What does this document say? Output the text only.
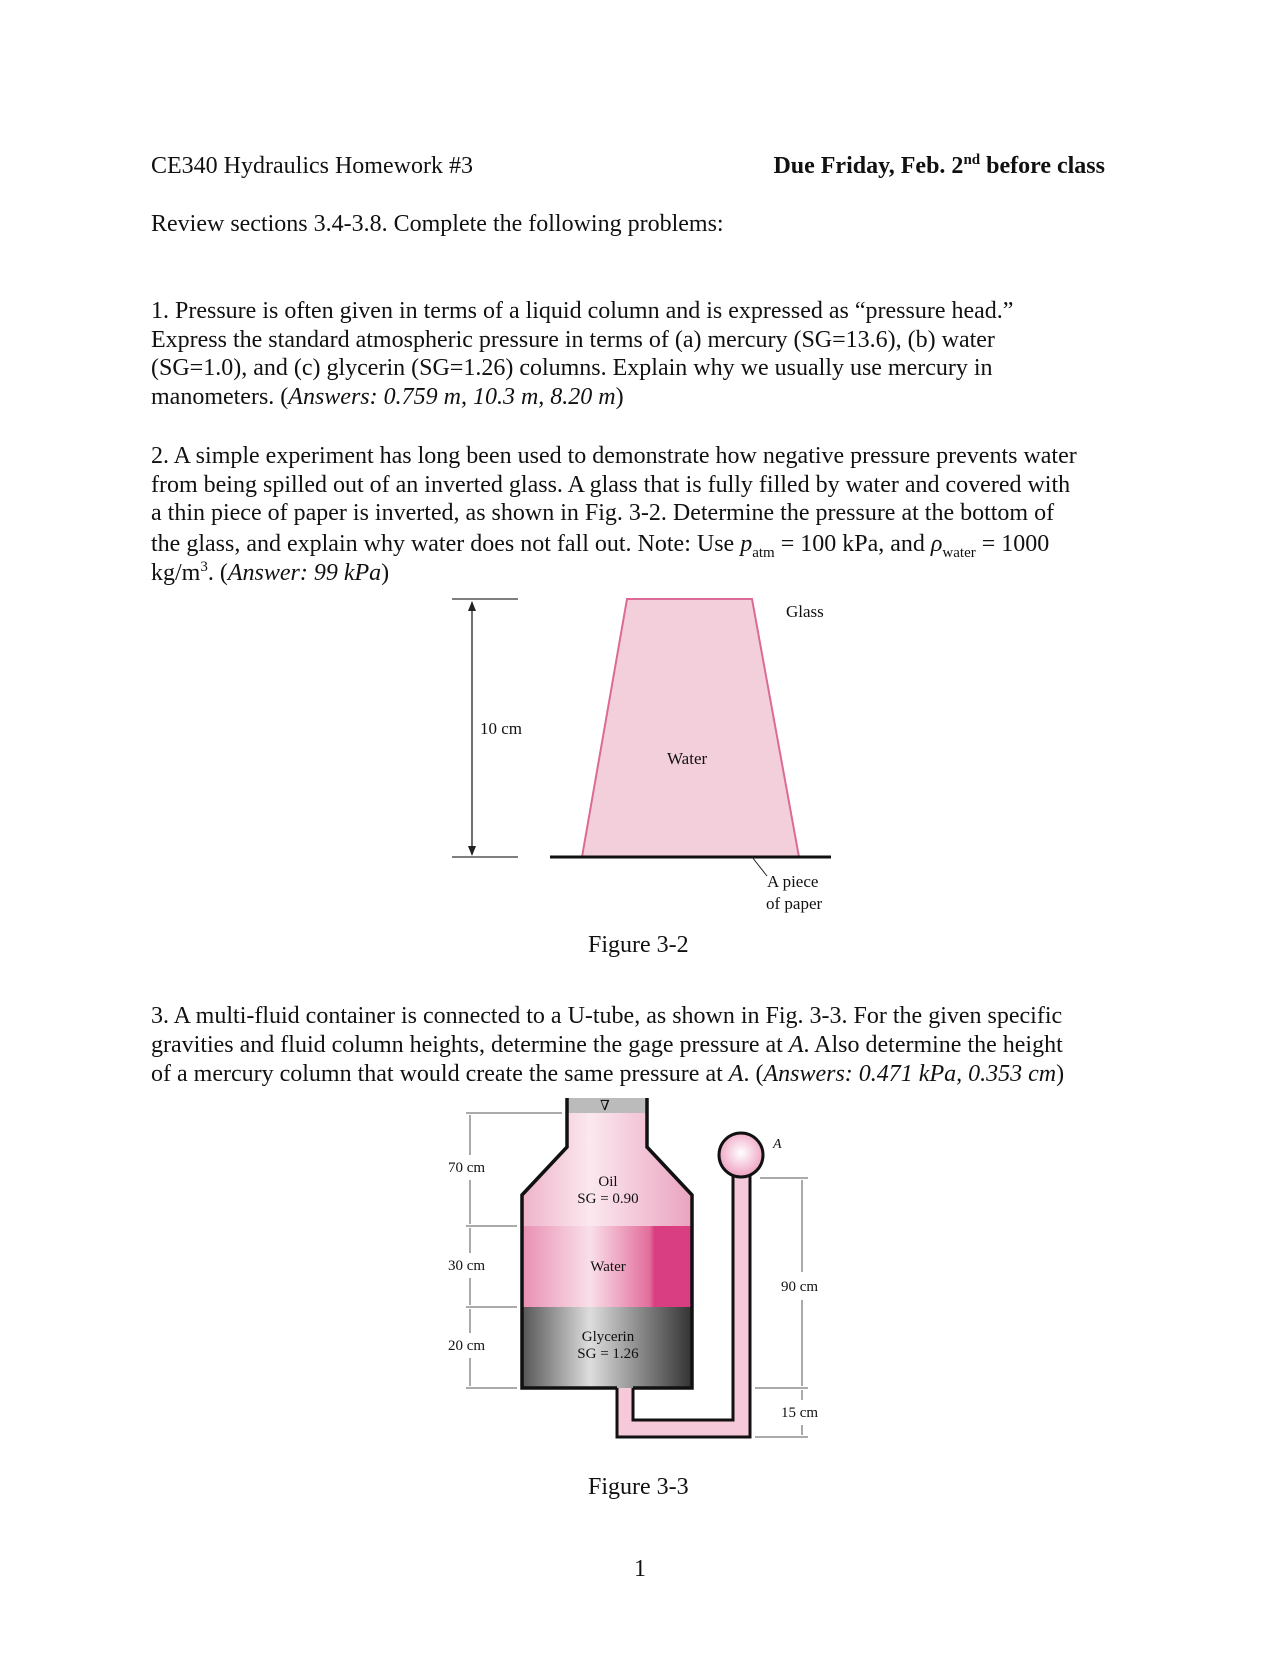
CE340 Hydraulics Homework #3	Due Friday, Feb. 2nd before class
Review sections 3.4-3.8. Complete the following problems:
1. Pressure is often given in terms of a liquid column and is expressed as “pressure head.”
Express the standard atmospheric pressure in terms of (a) mercury (SG=13.6), (b) water
(SG=1.0), and (c) glycerin (SG=1.26) columns. Explain why we usually use mercury in
manometers. (Answers: 0.759 m, 10.3 m, 8.20 m)
2. A simple experiment has long been used to demonstrate how negative pressure prevents water
from being spilled out of an inverted glass. A glass that is fully filled by water and covered with
a thin piece of paper is inverted, as shown in Fig. 3-2. Determine the pressure at the bottom of
the glass, and explain why water does not fall out. Note: Use $p_{atm} = 100$ kPa, and $\rho_{water} = 1000$
$kg/m^3$. (Answer: 99 kPa)
10 cm
Glass
Water
A piece
of paper
Figure 3-2
3. A multi-fluid container is connected to a U-tube, as shown in Fig. 3-3. For the given specific
gravities and fluid column heights, determine the gage pressure at A. Also determine the height
of a mercury column that would create the same pressure at A. (Answers: 0.471 kPa, 0.353 cm)
∇
Oil
SG = 0.90
Water
Glycerin
SG = 1.26
70 cm
30 cm
20 cm
90 cm
15 cm
A
Figure 3-3
1
